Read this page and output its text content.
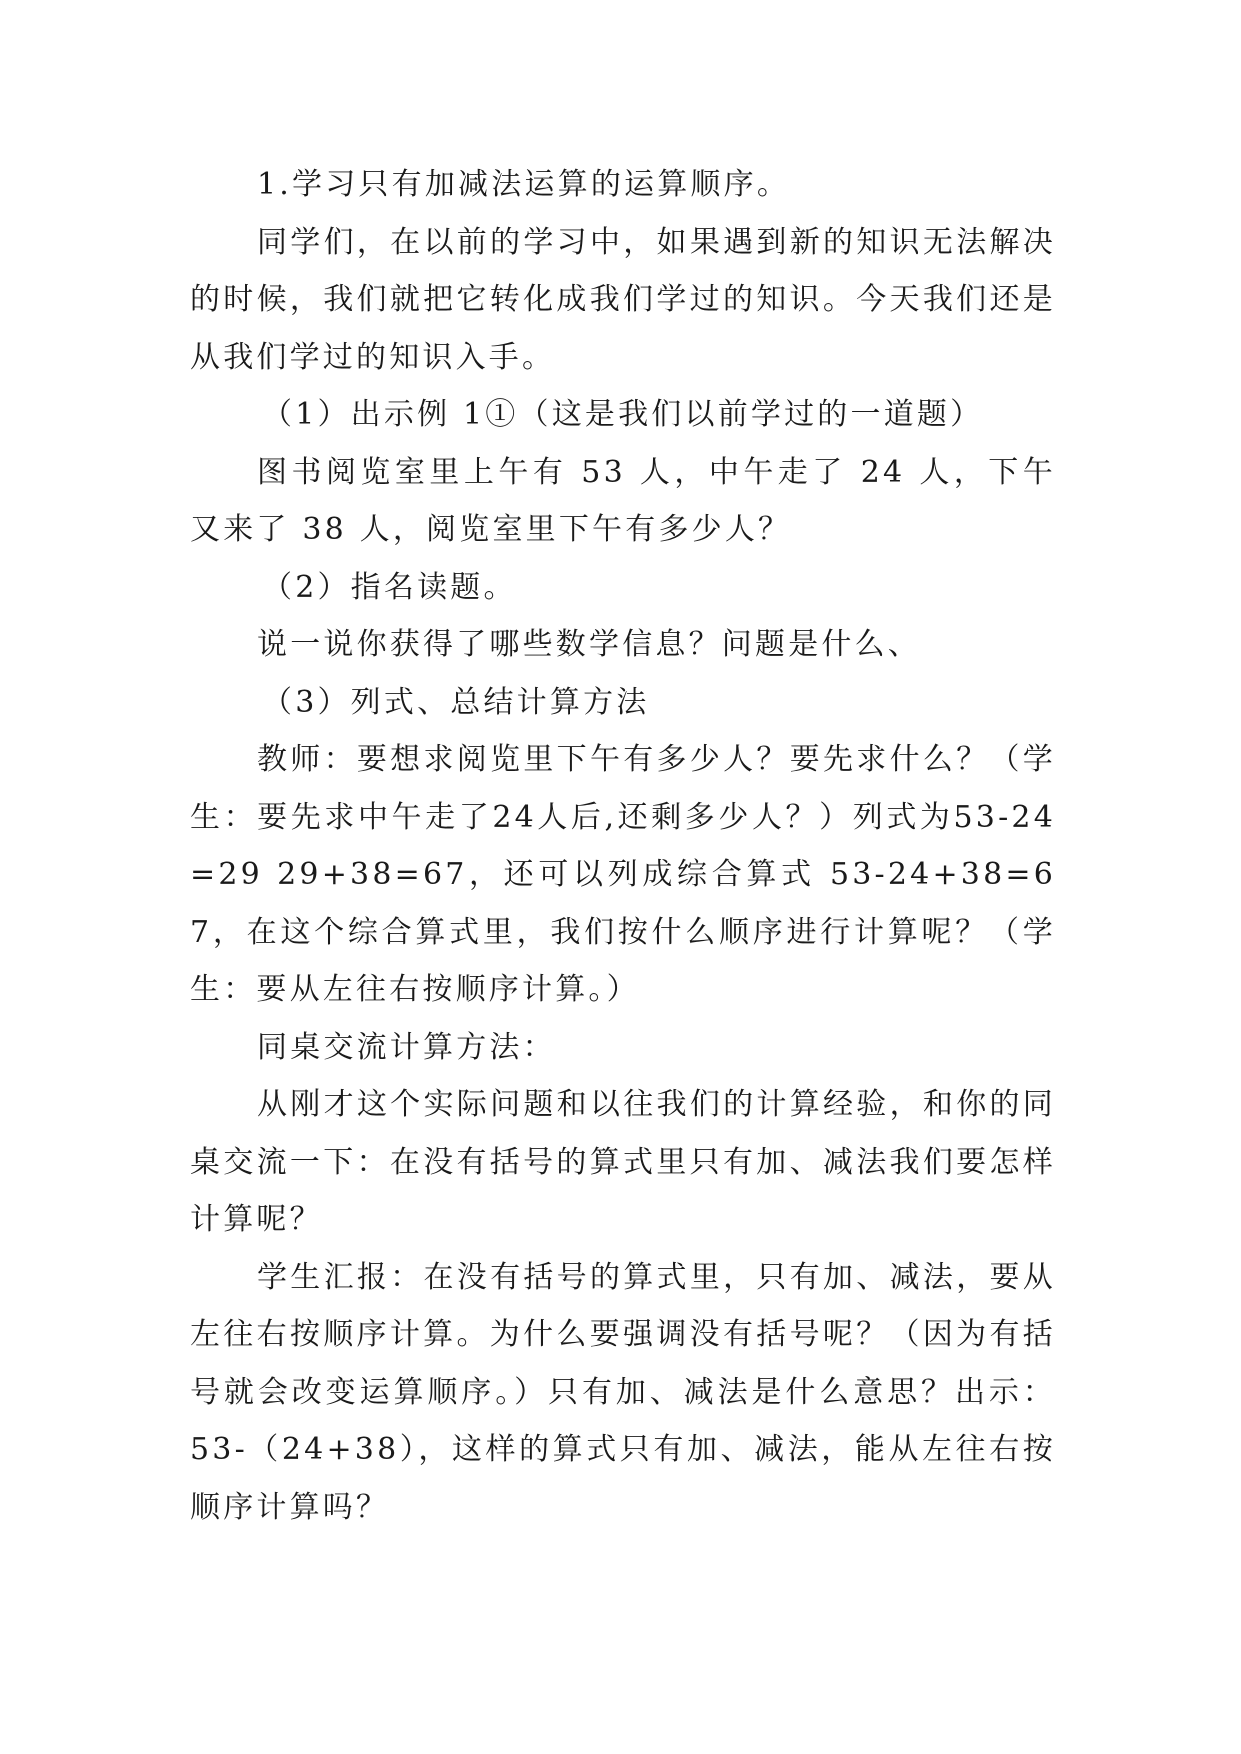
1.学习只有加减法运算的运算顺序。

同学们，在以前的学习中，如果遇到新的知识无法解决的时候，我们就把它转化成我们学过的知识。今天我们还是从我们学过的知识入手。

（1）出示例 1①（这是我们以前学过的一道题）

图书阅览室里上午有 53 人，中午走了 24 人，下午又来了 38 人，阅览室里下午有多少人？

（2）指名读题。

说一说你获得了哪些数学信息？问题是什么、

（3）列式、总结计算方法

教师：要想求阅览里下午有多少人？要先求什么？（学生：要先求中午走了24人后,还剩多少人？）列式为53-24=29 29+38=67，还可以列成综合算式 53-24+38=67，在这个综合算式里，我们按什么顺序进行计算呢？（学生：要从左往右按顺序计算。）

同桌交流计算方法：

从刚才这个实际问题和以往我们的计算经验，和你的同桌交流一下：在没有括号的算式里只有加、减法我们要怎样计算呢？

学生汇报：在没有括号的算式里，只有加、减法，要从左往右按顺序计算。为什么要强调没有括号呢？（因为有括号就会改变运算顺序。）只有加、减法是什么意思？出示：53-（24+38），这样的算式只有加、减法，能从左往右按顺序计算吗？
